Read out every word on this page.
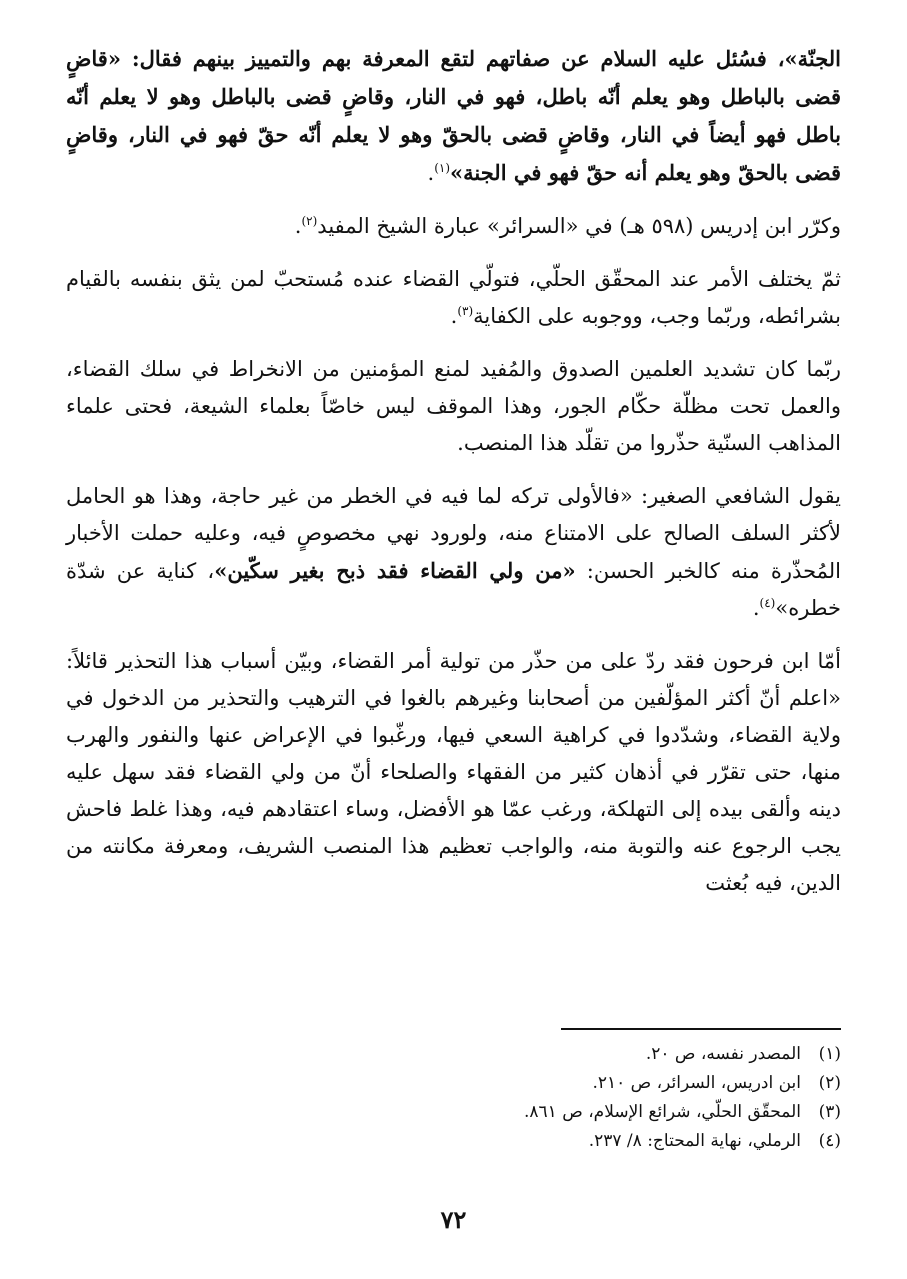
الجنّة»، فسُئل عليه السلام عن صفاتهم لتقع المعرفة بهم والتمييز بينهم فقال: «قاضٍ قضى بالباطل وهو يعلم أنّه باطل، فهو في النار، وقاضٍ قضى بالباطل وهو لا يعلم أنّه باطل فهو أيضاً في النار، وقاضٍ قضى بالحقّ وهو لا يعلم أنّه حقّ فهو في النار، وقاضٍ قضى بالحقّ وهو يعلم أنه حقّ فهو في الجنة»$^{(١)}$.

وكرّر ابن إدريس (٥٩٨ هـ) في «السرائر» عبارة الشيخ المفيد$^{(٢)}$.

ثمّ يختلف الأمر عند المحقّق الحلّي، فتولّي القضاء عنده مُستحبّ لمن يثق بنفسه بالقيام بشرائطه، وربّما وجب، ووجوبه على الكفاية$^{(٣)}$.

ربّما كان تشديد العلمين الصدوق والمُفيد لمنع المؤمنين من الانخراط في سلك القضاء، والعمل تحت مظلّة حكّام الجور، وهذا الموقف ليس خاصّاً بعلماء الشيعة، فحتى علماء المذاهب السنّية حذّروا من تقلّد هذا المنصب.

يقول الشافعي الصغير: «فالأولى تركه لما فيه في الخطر من غير حاجة، وهذا هو الحامل لأكثر السلف الصالح على الامتناع منه، ولورود نهي مخصوصٍ فيه، وعليه حملت الأخبار المُحذّرة منه كالخبر الحسن: «من ولي القضاء فقد ذبح بغير سكّين»، كناية عن شدّة خطره»$^{(٤)}$.

أمّا ابن فرحون فقد ردّ على من حذّر من تولية أمر القضاء، وبيّن أسباب هذا التحذير قائلاً: «اعلم أنّ أكثر المؤلّفين من أصحابنا وغيرهم بالغوا في الترهيب والتحذير من الدخول في ولاية القضاء، وشدّدوا في كراهية السعي فيها، ورغّبوا في الإعراض عنها والنفور والهرب منها، حتى تقرّر في أذهان كثير من الفقهاء والصلحاء أنّ من ولي القضاء فقد سهل عليه دينه وألقى بيده إلى التهلكة، ورغب عمّا هو الأفضل، وساء اعتقادهم فيه، وهذا غلط فاحش يجب الرجوع عنه والتوبة منه، والواجب تعظيم هذا المنصب الشريف، ومعرفة مكانته من الدين، فيه بُعثت

(١)المصدر نفسه، ص ٢٠.
(٢)ابن ادريس، السرائر، ص ٢١٠.
(٣)المحقّق الحلّي، شرائع الإسلام، ص ٨٦١.
(٤)الرملي، نهاية المحتاج: ٨/ ٢٣٧.
٧٢
